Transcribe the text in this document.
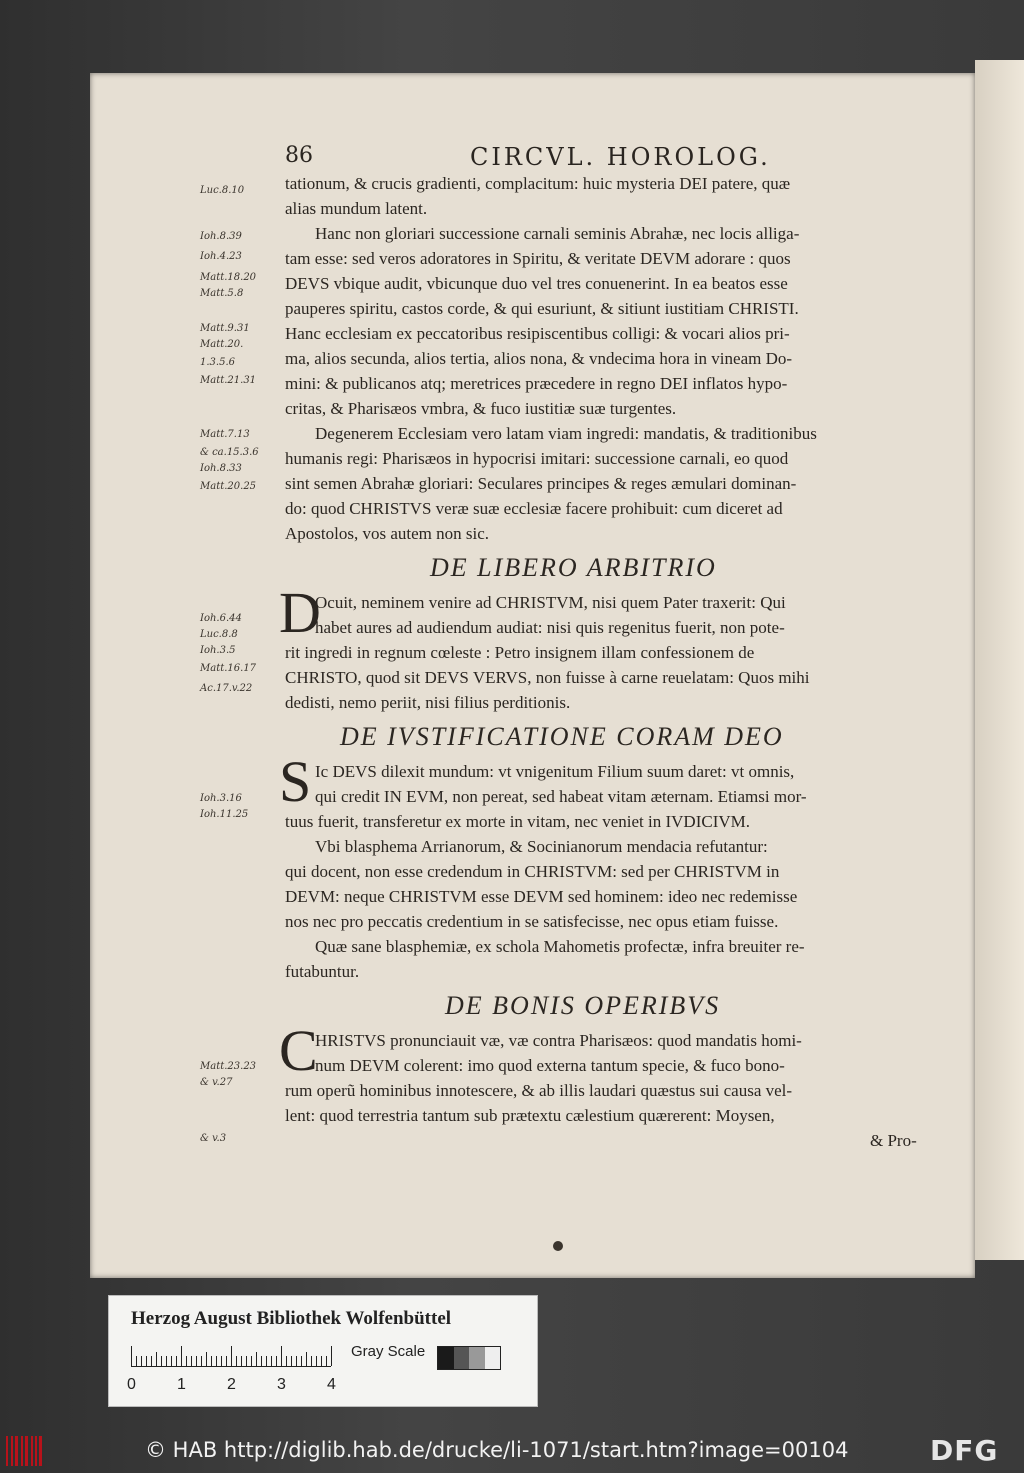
86	CIRCVL. HOROLOG.
Luc.8.10
Ioh.8.39
Ioh.4.23
Matt.18.20
Matt.5.8
Matt.9.31
Matt.20.
1.3.5.6
Matt.21.31
Matt.7.13
& ca.15.3.6
Ioh.8.33
Matt.20.25
Ioh.6.44
Luc.8.8
Ioh.3.5
Matt.16.17
Ac.17.v.22
Ioh.3.16
Ioh.11.25
Matt.23.23
& v.27
& v.3
tationum, & crucis gradienti, complacitum: huic mysteria DEI patere, quæ
alias mundum latent.
Hanc non gloriari successione carnali seminis Abrahæ, nec locis alliga-
tam esse: sed veros adoratores in Spiritu, & veritate DEVM adorare : quos
DEVS vbique audit, vbicunque duo vel tres conuenerint. In ea beatos esse
pauperes spiritu, castos corde, & qui esuriunt, & sitiunt iustitiam CHRISTI.
Hanc ecclesiam ex peccatoribus resipiscentibus colligi: & vocari alios pri-
ma, alios secunda, alios tertia, alios nona, & vndecima hora in vineam Do-
mini: & publicanos atq; meretrices præcedere in regno DEI inflatos hypo-
critas, & Pharisæos vmbra, & fuco iustitiæ suæ turgentes.
Degenerem Ecclesiam vero latam viam ingredi: mandatis, & traditionibus
humanis regi: Pharisæos in hypocrisi imitari: successione carnali, eo quod
sint semen Abrahæ gloriari: Seculares principes & reges æmulari dominan-
do: quod CHRISTVS veræ suæ ecclesiæ facere prohibuit: cum diceret ad
Apostolos, vos autem non sic.
DE LIBERO ARBITRIO
D
Ocuit, neminem venire ad CHRISTVM, nisi quem Pater traxerit: Qui
habet aures ad audiendum audiat: nisi quis regenitus fuerit, non pote-
rit ingredi in regnum cœleste : Petro insignem illam confessionem de
CHRISTO, quod sit DEVS VERVS, non fuisse à carne reuelatam: Quos mihi
dedisti, nemo periit, nisi filius perditionis.
DE IVSTIFICATIONE CORAM DEO
S Ic DEVS dilexit mundum: vt vnigenitum Filium suum daret: vt omnis,
qui credit IN EVM, non pereat, sed habeat vitam æternam. Etiamsi mor-
tuus fuerit, transferetur ex morte in vitam, nec veniet in IVDICIVM.
Vbi blasphema Arrianorum, & Socinianorum mendacia refutantur:
qui docent, non esse credendum in CHRISTVM: sed per CHRISTVM in
DEVM: neque CHRISTVM esse DEVM sed hominem: ideo nec redemisse
nos nec pro peccatis credentium in se satisfecisse, nec opus etiam fuisse.
Quæ sane blasphemiæ, ex schola Mahometis profectæ, infra breuiter re-
futabuntur.
DE BONIS OPERIBVS
C
HRISTVS pronunciauit væ, væ contra Pharisæos: quod mandatis homi-
num DEVM colerent: imo quod externa tantum specie, & fuco bono-
rum operũ hominibus innotescere, & ab illis laudari quæstus sui causa vel-
lent: quod terrestria tantum sub prætextu cælestium quærerent: Moysen,
& Pro-
Herzog August Bibliothek Wolfenbüttel
0	1	2	3	4
Gray Scale
© HAB http://diglib.hab.de/drucke/li-1071/start.htm?image=00104	DFG
